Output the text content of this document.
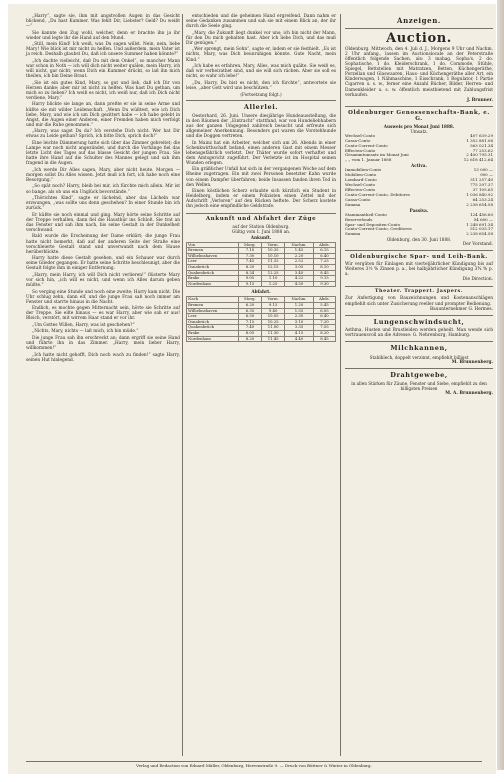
„Harry“, sagte sie, ihm mit angstvollen Augen in das Gesicht blickend, „Du hast Kummer. Was fehlt Dir, Liebster? Geld? Du weißt —“

Sie kannte den Zug wohl, welcher, denn er brachte ihn ja ihr wieder und legte ihr die Hand auf den Mund.

„Still, mein Kind! Ich weiß, was Du sagen willst. Nein, nein, liebe Mary! Wie blick ist mir nicht zu helfen. Und außerdem, mein Vater ist ja reich. Deshalb glaubst Du, daß ich unsere Summer haben könnte?“

„Ich dachte vielleicht, daß Du mit dem Onkel“, so mancher Mann war schon in Noth — ich will dich nicht weiter quälen, mein Harry, ich will nicht, gar nicht; wenn Dich ein Kummer drückt, so laß ihn mich theilen, ich bin Deine Braut.

„Sie ist ein gutes Kind, Mary, so gut und lieb, daß ich Dir von Herzen danke; aber mir ist nicht zu helfen. Was hast Du gethan, um mich so zu lieben? Ich weiß es nicht, ich weiß nur, daß ich Dich nicht verdiene, Mary.“

Harry blickte sie lange an, dann preßte er sie in seine Arme und küßte sie mit wilder Leidenschaft. „Wenn Du wüßtest, wie ich Dich liebe, Mary, und wie ich um Dich gezittert habe — ich habe gelebt in Angst, die Augen einer Anderen, einer Fremden haben mich verfolgt und mir die Ruhe genommen.“

„Harry, was sagst Du da? Ich verstehe Dich nicht. Wer hat Dir etwas zu Leide gethan? Sprich, ich bitte Dich, sprich doch!“

Eine leichte Dämmerung hatte sich über das Zimmer gebreitet; die Lampe war noch nicht angezündet, und durch die Vorhänge fiel das letzte Licht des Tages auf das blasse Gesicht der jungen Frau. Sie hatte ihre Hand auf die Schulter des Mannes gelegt und sah ihm fragend in die Augen.

„Ich werde Dir Alles sagen, Mary, aber nicht heute. Morgen — morgen sollst Du Alles wissen. Jetzt muß ich fort, ich habe noch eine Besorgung.“

„So spät noch? Harry, bleib bei mir, ich fürchte mich allein. Mir ist so bange, als ob uns ein Unglück bevorstände.“

„Thörichtes Kind“, sagte er lächelnd, aber das Lächeln war erzwungen, „was sollte uns denn geschehen? In einer Stunde bin ich zurück.“

Er küßte sie noch einmal und ging. Mary hörte seine Schritte auf der Treppe verhallen, dann fiel die Hausthür ins Schloß. Sie trat an das Fenster und sah ihm nach, bis seine Gestalt in der Dunkelheit verschwand.

Bald wurde die Erscheinung der Dame erklärt; die junge Frau hatte nicht bemerkt, daß auf der anderen Seite der Straße eine verschleierte Gestalt stand und unverwandt nach dem Hause herüberblickte.

Harry hatte diese Gestalt gesehen, und ein Schauer war durch seine Glieder gegangen. Er hatte seine Schritte beschleunigt, aber die Gestalt folgte ihm in einiger Entfernung.

„Harry, mein Harry, ich will Dich nicht verlieren!“ flüsterte Mary vor sich hin, „ich will es nicht, und wenn ich Alles darum geben müßte.“

So verging eine Stunde und noch eine zweite; Harry kam nicht. Die Uhr schlug zehn, dann elf, und die junge Frau saß noch immer am Fenster und starrte hinaus in die Nacht.

Endlich, es mochte gegen Mitternacht sein, hörte sie Schritte auf der Treppe. Sie eilte hinaus — es war Harry, aber wie sah er aus! Bleich, verstört, mit wirrem Haar stand er vor ihr.

„Um Gottes Willen, Harry, was ist geschehen?“

„Nichts, Mary, nichts — laß mich, ich bin müde.“

Die junge Frau sah ihn erschreckt an; dann ergriff sie seine Hand und führte ihn in das Zimmer. „Harry, mein lieber Harry, willkommen!“

„Ich hatte nicht gehofft, Dich noch wach zu finden!“ sagte Harry, seinen Hut hinlegend.

entschieden und die geheimen Hand ergreifend. Dann nahm er seine Gedanken zusammen und sah sie mit einem Blick an, der ihr durch die Seele ging.

„Mary, die Zukunft liegt dunkel vor uns; ich bin nicht der Mann, für den Du mich gehalten hast. Aber ich liebe Dich, und das muß Dir genügen.“

„Wer sprengt, mein Sohn“, sagte er, indem er sie festhielt. „Es ist nichts, Mary, was Dich beunruhigen könnte. Gute Nacht, mein Kind.“

„Ich habe es erfahren, Mary, Alles, was mich quälte. Sie weiß es, daß wir verheirathet sind, und sie will sich rächen. Aber sie soll es nicht, so wahr ich lebe!“

„Du, Harry, Du bist es nicht, den ich fürchte“, antwortete sie leise, „aber Gott wird uns beschützen.“

(Fortsetzung folgt.)
Allerlei.

Oesterhard, 26. Juni. Unsere diesjährige Hundeausstellung, die in den Räumen der „Eintracht“ stattfand, war von Hundeliebhabern aus der ganzen Umgegend zahlreich besucht und erfreute sich allgemeiner Anerkennung. Besonders gut waren die Vorstehhunde und die Doggen vertreten.

In Mainz hat ein Arbeiter, welcher sich am 26. Abends in einer Schenkwirthschaft befand, einen anderen Gast mit einem Messer lebensgefährlich verletzt. Der Thäter wurde sofort verhaftet und dem Amtsgericht zugeführt. Der Verletzte ist im Hospital seinen Wunden erlegen.

Ein gräßlicher Unfall hat sich in der vergangenen Woche auf dem Rheine zugetragen. Ein mit zwei Personen besetzter Kahn wurde von einem Dampfer überfahren; beide Insassen fanden ihren Tod in den Wellen.

Einen köstlichen Scherz erlaubte sich kürzlich ein Student in Heidelberg, indem er einem Polizisten einen Zettel mit der Aufschrift „Verloren“ auf den Rücken heftete. Der Scherz kostete ihn jedoch eine empfindliche Geldstrafe.

Ankunft und Abfahrt der Züge
auf der Station Oldenburg.
Gültig vom 1. Juni 1888 an.
Ankunft.
Von	Morg.	Vorm.	Nachm.	Abds.
Bremen	7.10	10.35	1.45	6.15
Wilhelmshaven	7.30	10.10	2.20	6.40
Leer	7.45	11.32	2.52	7.25
Osnabrück	8.20	12.15	3.05	8.10
Quakenbrück	8.34	12.25	3.40	8.45
Brake	9.05	1.10	4.22	9.15
Nordenham	9.15	1.25	4.50	9.30
Abfahrt.
Nach	Morg.	Vorm.	Nachm.	Abds.
Bremen	6.20	9.15	1.20	5.45
Wilhelmshaven	6.35	9.40	1.55	6.05
Leer	6.50	10.05	2.30	6.40
Osnabrück	7.15	10.25	3.10	7.20
Quakenbrück	7.40	11.00	3.35	7.55
Brake	8.05	11.30	4.15	8.20
Nordenham	8.20	11.45	4.40	8.45
Anzeigen.
Auction.
Oldenburg. Mittwoch, den 4. Juli d. J., Morgens 9 Uhr und Nachm. 2 Uhr anfang., lassen im Auctionslocale an der Peterstraße öffentlich folgende Sachen, als: 3 mahag. Sopha's, 2 do. Sophatische, 1 do. Kleiderschrank, 1 do. Commode, Stühle, Spiegel, Bettstellen mit Matratzen, Betten, Küchengeräthe, Porzellan und Glaswaaren, Haus- und Küchengeräthe aller Art, ein Kinderwagen, 1 Nähmaschine, 1 Eisschrank, 1 Regulator, 1 Partie Cigarren u. s. w., ferner eine Anzahl Bücher, Bilder, Herren- und Damenkleider u. s. w. öffentlich meistbietend mit Zahlungsfrist verkaufen.
J. Brunner.
Oldenburger Genossenschafts-Bank, e. G.
Ausweis pro Monat Juni 1888.
Umsatz.
Wechsel-Conto	407 639.29
Cassa-Conto	1 352 881.06
Conto-Corrent-Conto	563 021.34
Effecten-Conto	77 253.62
Gesammtumsatz im Monat Juni	2 400 795.31
„ „ vom 1. Januar 1888	12 618 412.64
Activa.
Immobilien-Conto	13 000 —
Mobilien-Conto	900 —
Lombard-Conto	311 257.40
Wechsel-Conto	775 297.37
Effecten-Conto	37 105.65
Conto-Corrent-Conto, Debitores	1 036 840.92
Cassa-Conto	64 253.24
Summa	2 238 654.58
Passiva.
Stammantheil-Conto	124 456.60
Reservefonds	54 600 —
Spar- und Depositen-Conto	1 248 691.34
Conto-Corrent-Conto, Creditores	512 033.17
Summa	2 238 654.58
Oldenburg, den 30. Juni 1888.
Der Vorstand.
Oldenburgische Spar- und Leih-Bank.
Wir vergüten für Einlagen mit vierteljährlicher Kündigung bis auf Weiteres 3½ % Zinsen p. a., bei halbjährlicher Kündigung 3¾ % p. a.
Die Direction.
Theater. Trappert. Jaspers.
Zur Anfertigung von Bauzeichnungen und Kostenanschlägen empfiehlt sich unter Zusicherung reeller und prompter Bedienung.
Bauunternehmer G. Hermes.
Lungenschwindsucht,
Asthma, Husten und Brustleiden werden geheilt. Man wende sich vertrauensvoll an die Adresse: G. Nehrenburg, Hamburg.
Milchkannen,
Stahlblech, doppelt verzinnt, empfiehlt billigst
M. Brunnenberg.
Drahtgewebe,
in allen Stärken für Zäune, Fenster und Siebe, empfiehlt zu den billigsten Preisen
M. A. Brunnenberg.
Verlag und Redaction von Eduard Müller, Oldenburg, Herrenstraße 9. — Druck von Büttner & Winter in Oldenburg.
